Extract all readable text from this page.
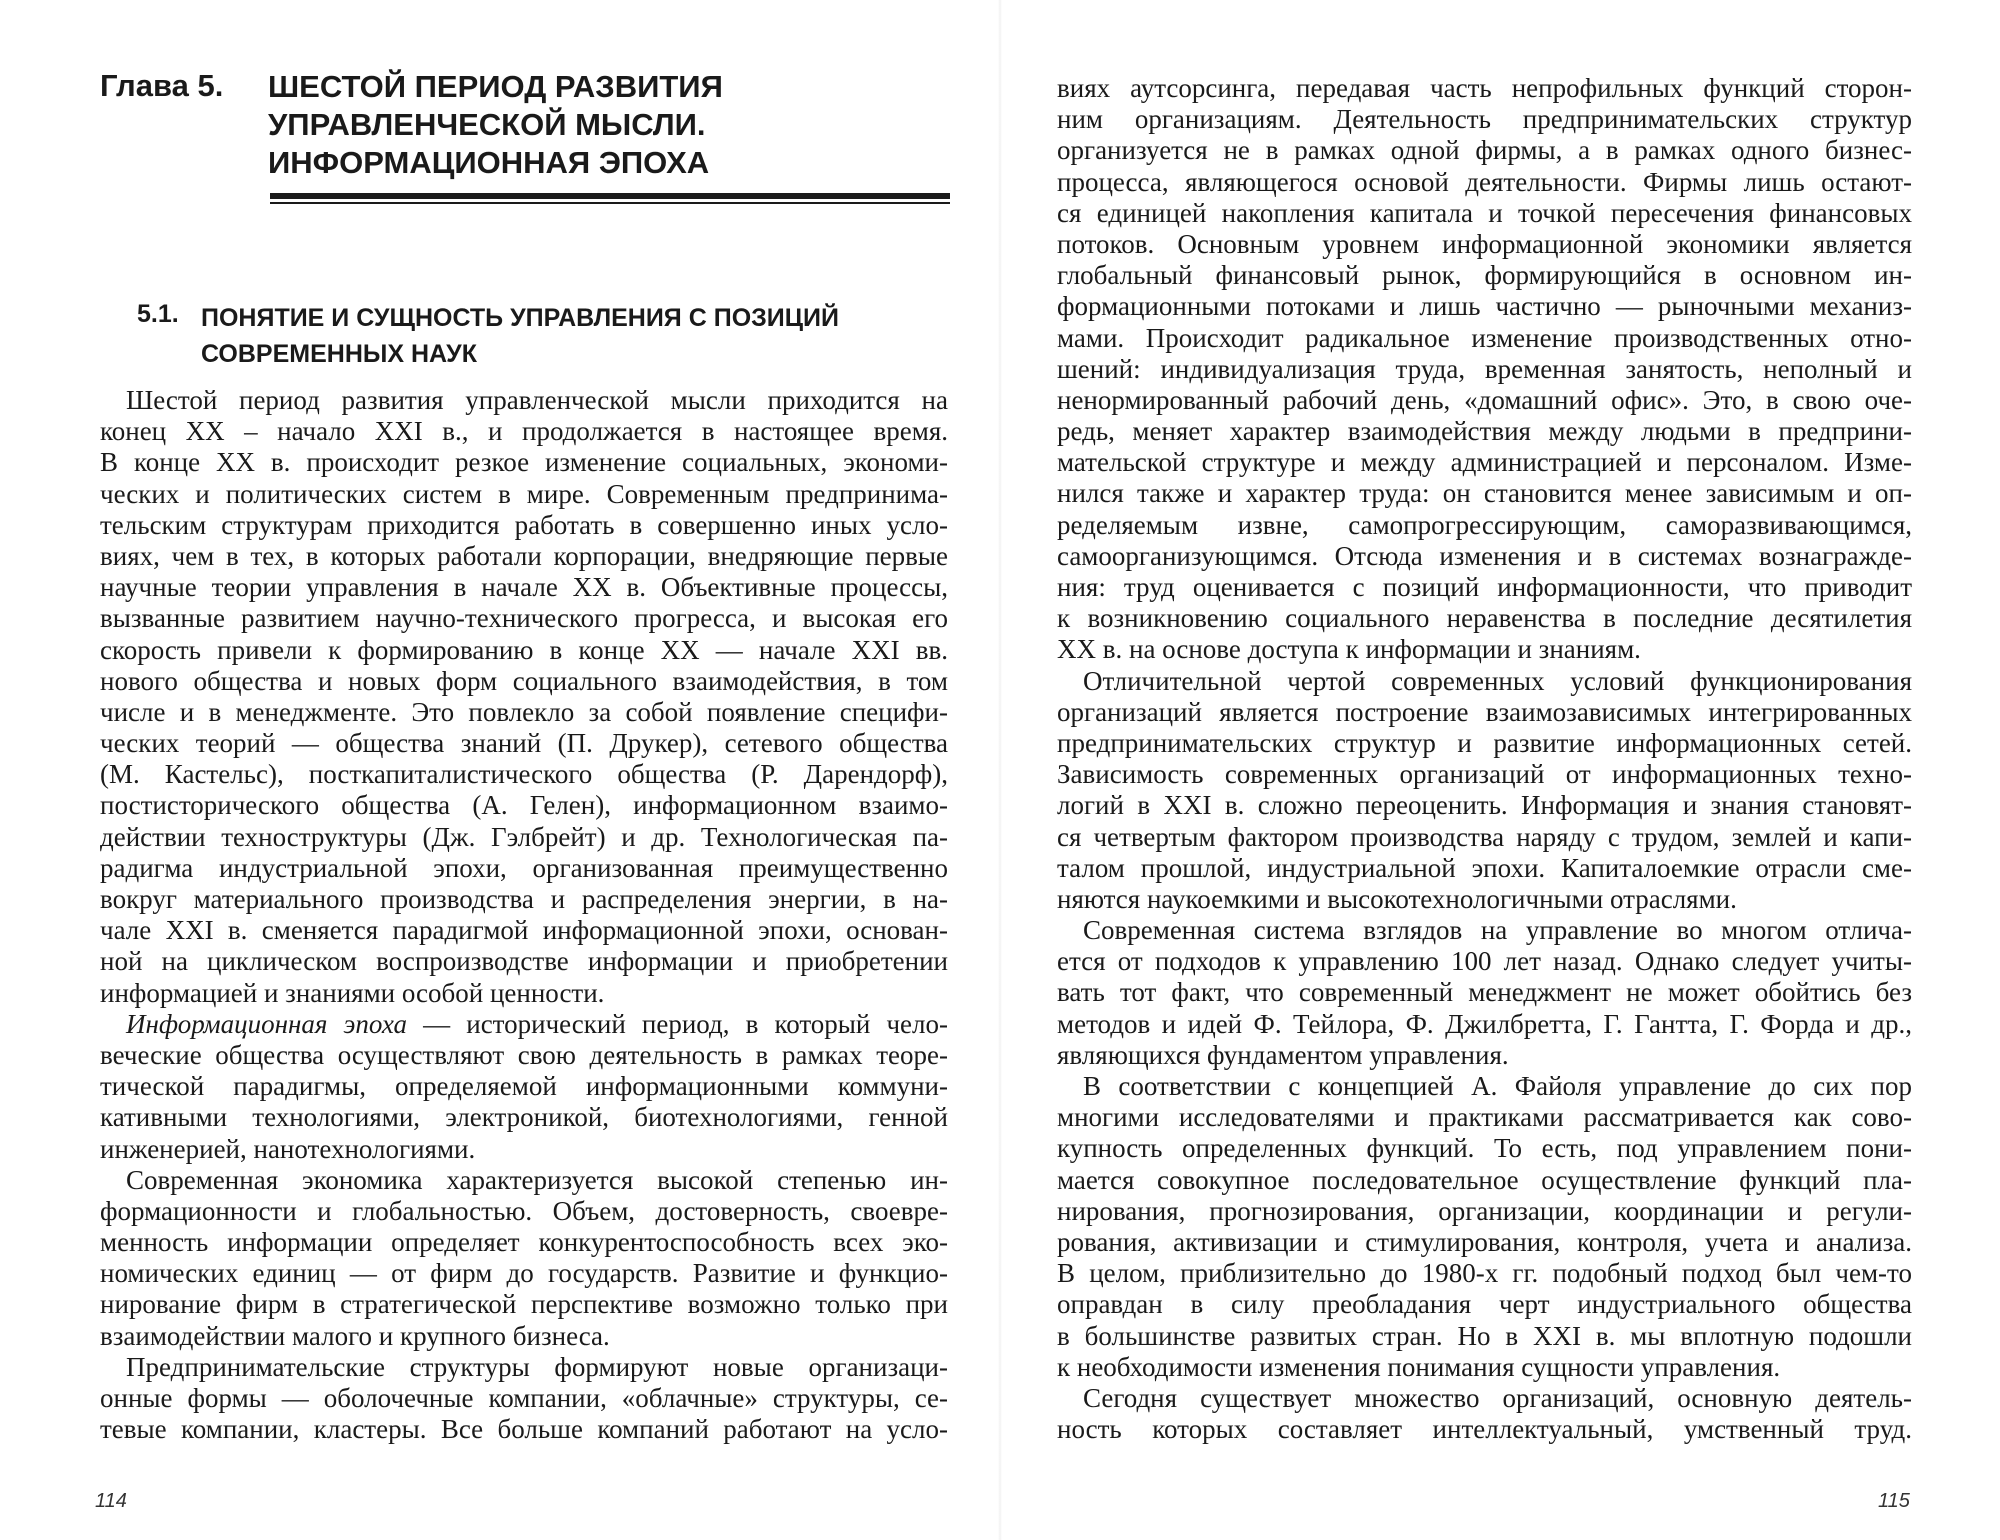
Глава 5. ШЕСТОЙ ПЕРИОД РАЗВИТИЯ
УПРАВЛЕНЧЕСКОЙ МЫСЛИ.
ИНФОРМАЦИОННАЯ ЭПОХА
5.1. ПОНЯТИЕ И СУЩНОСТЬ УПРАВЛЕНИЯ С ПОЗИЦИЙ
СОВРЕМЕННЫХ НАУК
Шестой период развития управленческой мысли приходится на
конец XX – начало XXI в., и продолжается в настоящее время.
В конце XX в. происходит резкое изменение социальных, экономи-
ческих и политических систем в мире. Современным предпринима-
тельским структурам приходится работать в совершенно иных усло-
виях, чем в тех, в которых работали корпорации, внедряющие первые
научные теории управления в начале XX в. Объективные процессы,
вызванные развитием научно-технического прогресса, и высокая его
скорость привели к формированию в конце XX — начале XXI вв.
нового общества и новых форм социального взаимодействия, в том
числе и в менеджменте. Это повлекло за собой появление специфи-
ческих теорий — общества знаний (П. Друкер), сетевого общества
(М. Кастельс), посткапиталистического общества (Р. Дарендорф),
постисторического общества (А. Гелен), информационном взаимо-
действии техноструктуры (Дж. Гэлбрейт) и др. Технологическая па-
радигма индустриальной эпохи, организованная преимущественно
вокруг материального производства и распределения энергии, в на-
чале XXI в. сменяется парадигмой информационной эпохи, основан-
ной на циклическом воспроизводстве информации и приобретении
информацией и знаниями особой ценности.
Информационная эпоха — исторический период, в который чело-
веческие общества осуществляют свою деятельность в рамках теоре-
тической парадигмы, определяемой информационными коммуни-
кативными технологиями, электроникой, биотехнологиями, генной
инженерией, нанотехнологиями.
Современная экономика характеризуется высокой степенью ин-
формационности и глобальностью. Объем, достоверность, своевре-
менность информации определяет конкурентоспособность всех эко-
номических единиц — от фирм до государств. Развитие и функцио-
нирование фирм в стратегической перспективе возможно только при
взаимодействии малого и крупного бизнеса.
Предпринимательские структуры формируют новые организаци-
онные формы — оболочечные компании, «облачные» структуры, се-
тевые компании, кластеры. Все больше компаний работают на усло-
114	115
виях аутсорсинга, передавая часть непрофильных функций сторон-
ним организациям. Деятельность предпринимательских структур
организуется не в рамках одной фирмы, а в рамках одного бизнес-
процесса, являющегося основой деятельности. Фирмы лишь остают-
ся единицей накопления капитала и точкой пересечения финансовых
потоков. Основным уровнем информационной экономики является
глобальный финансовый рынок, формирующийся в основном ин-
формационными потоками и лишь частично — рыночными механиз-
мами. Происходит радикальное изменение производственных отно-
шений: индивидуализация труда, временная занятость, неполный и
ненормированный рабочий день, «домашний офис». Это, в свою оче-
редь, меняет характер взаимодействия между людьми в предприни-
мательской структуре и между администрацией и персоналом. Изме-
нился также и характер труда: он становится менее зависимым и оп-
ределяемым извне, самопрогрессирующим, саморазвивающимся,
самоорганизующимся. Отсюда изменения и в системах вознагражде-
ния: труд оценивается с позиций информационности, что приводит
к возникновению социального неравенства в последние десятилетия
XX в. на основе доступа к информации и знаниям.
Отличительной чертой современных условий функционирования
организаций является построение взаимозависимых интегрированных
предпринимательских структур и развитие информационных сетей.
Зависимость современных организаций от информационных техно-
логий в XXI в. сложно переоценить. Информация и знания становят-
ся четвертым фактором производства наряду с трудом, землей и капи-
талом прошлой, индустриальной эпохи. Капиталоемкие отрасли сме-
няются наукоемкими и высокотехнологичными отраслями.
Современная система взглядов на управление во многом отлича-
ется от подходов к управлению 100 лет назад. Однако следует учиты-
вать тот факт, что современный менеджмент не может обойтись без
методов и идей Ф. Тейлора, Ф. Джилбретта, Г. Гантта, Г. Форда и др.,
являющихся фундаментом управления.
В соответствии с концепцией А. Файоля управление до сих пор
многими исследователями и практиками рассматривается как сово-
купность определенных функций. То есть, под управлением пони-
мается совокупное последовательное осуществление функций пла-
нирования, прогнозирования, организации, координации и регули-
рования, активизации и стимулирования, контроля, учета и анализа.
В целом, приблизительно до 1980-х гг. подобный подход был чем-то
оправдан в силу преобладания черт индустриального общества
в большинстве развитых стран. Но в XXI в. мы вплотную подошли
к необходимости изменения понимания сущности управления.
Сегодня существует множество организаций, основную деятель-
ность которых составляет интеллектуальный, умственный труд.
